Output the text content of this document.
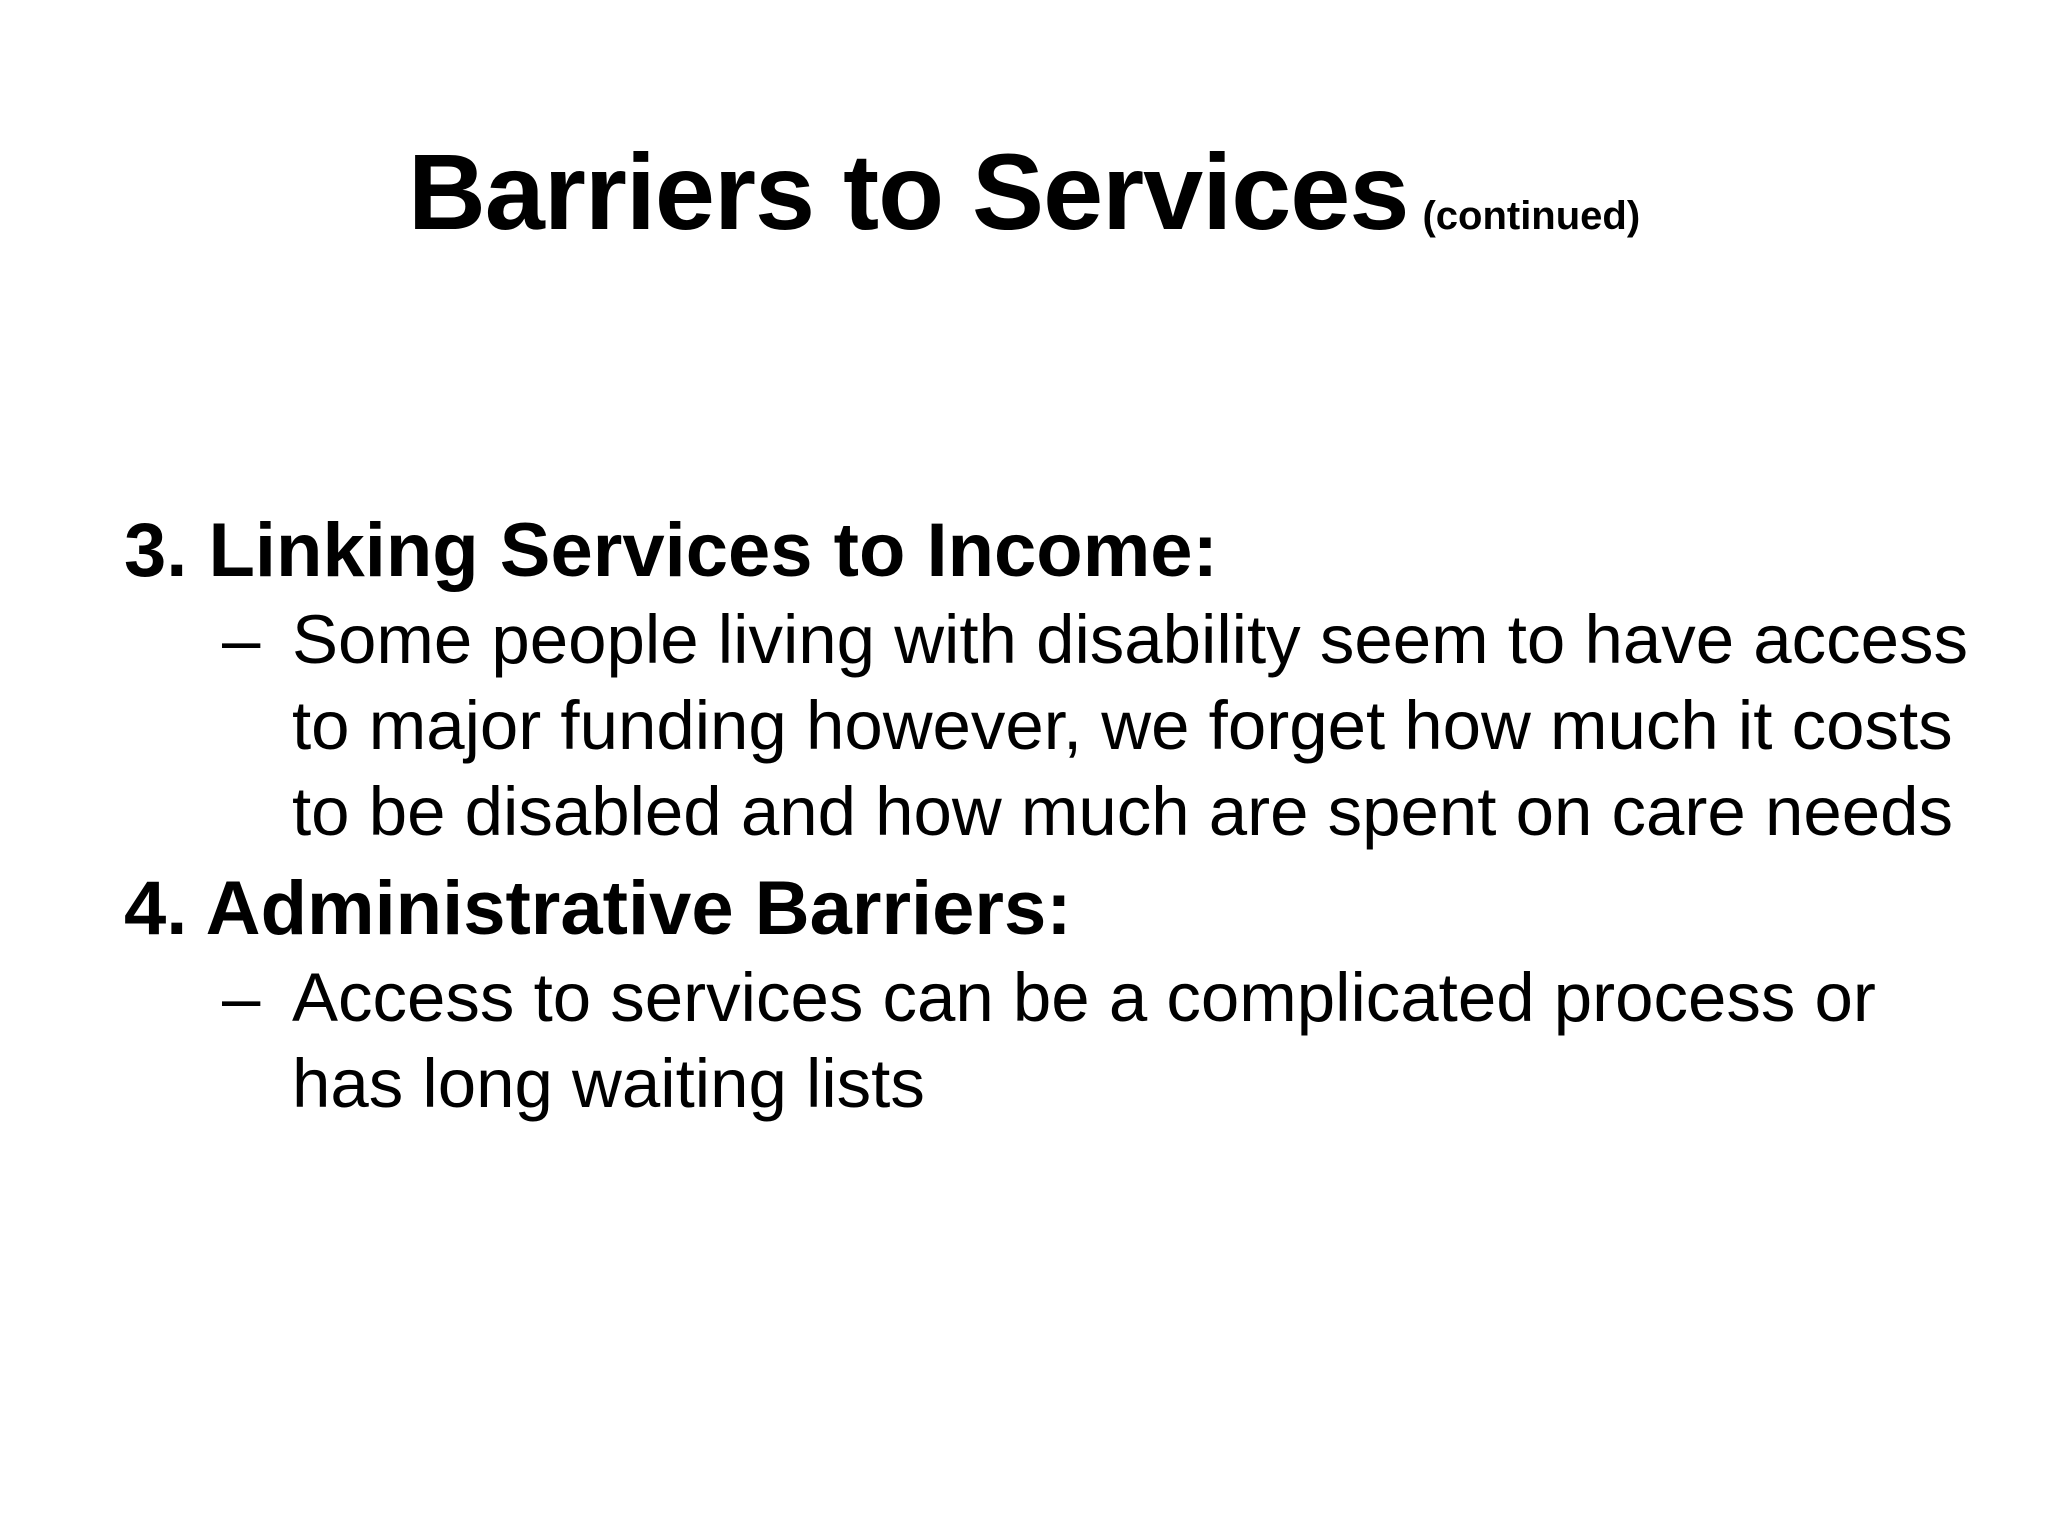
Barriers to Services (continued)

3. Linking Services to Income:

– Some people living with disability seem to have access to major funding however, we forget how much it costs to be disabled and how much are spent on care needs

4. Administrative Barriers:

– Access to services can be a complicated process or has long waiting lists
